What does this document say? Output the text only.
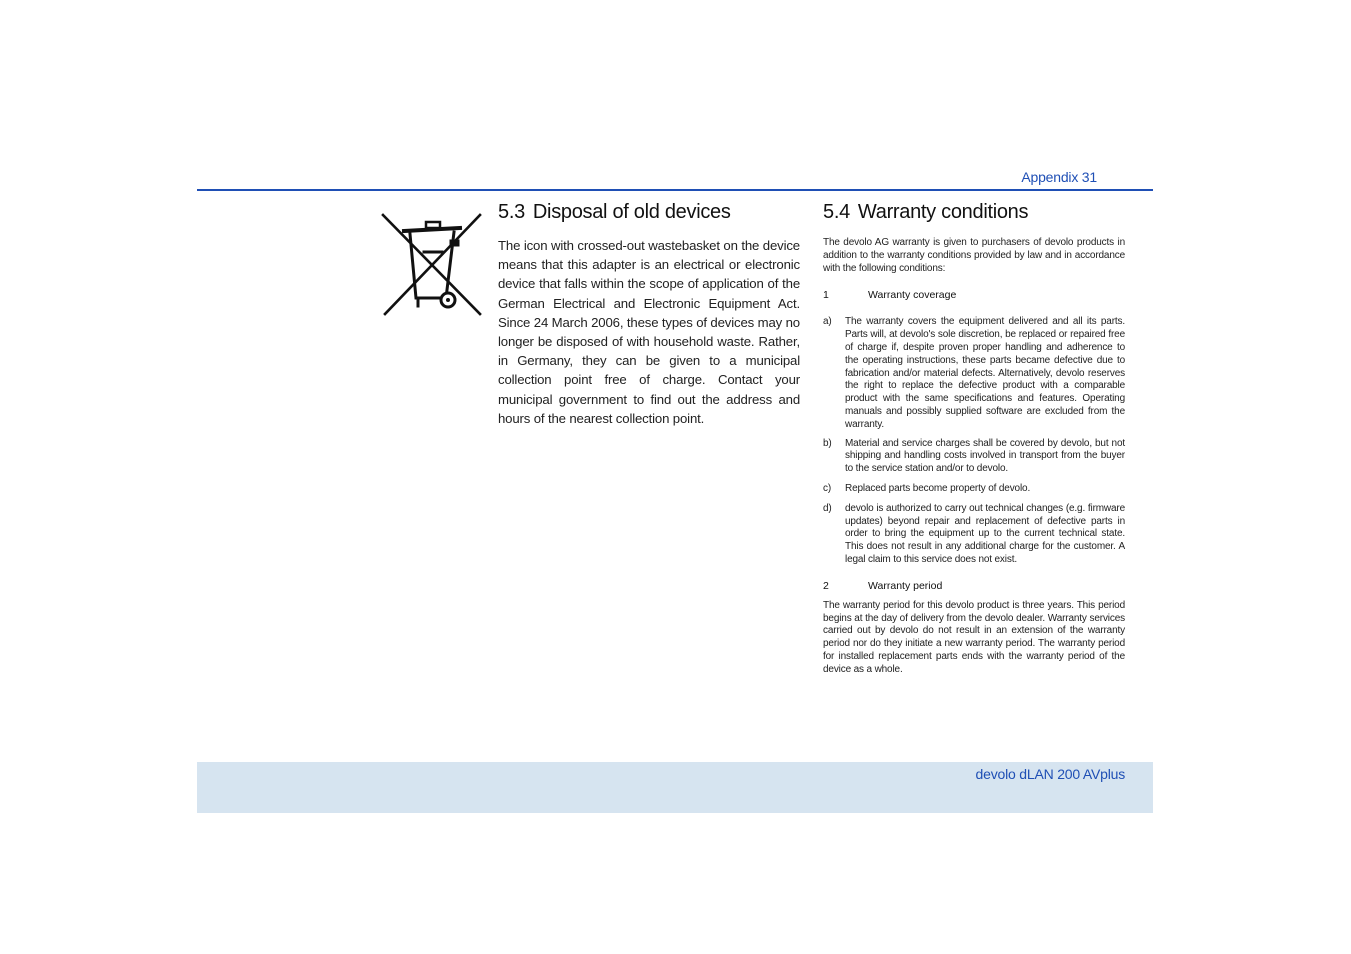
Appendix 31
5.3 Disposal of old devices

The icon with crossed-out wastebasket on the device means that this adapter is an electrical or electronic device that falls within the scope of application of the German Electrical and Electronic Equipment Act. Since 24 March 2006, these types of devices may no longer be disposed of with household waste. Rather, in Germany, they can be given to a municipal collection point free of charge. Contact your municipal government to find out the address and hours of the nearest collection point.

5.4 Warranty conditions
The devolo AG warranty is given to purchasers of devolo products in addition to the warranty conditions provided by law and in accordance with the following conditions:
1	Warranty coverage
a)	The warranty covers the equipment delivered and all its parts. Parts will, at devolo's sole discretion, be replaced or repaired free of charge if, despite proven proper handling and adherence to the operating instructions, these parts became defective due to fabrication and/or material defects. Alternatively, devolo reserves the right to replace the defective product with a comparable product with the same specifications and features. Operating manuals and possibly supplied software are excluded from the warranty.
b)	Material and service charges shall be covered by devolo, but not shipping and handling costs involved in transport from the buyer to the service station and/or to devolo.
c)	Replaced parts become property of devolo.
d)	devolo is authorized to carry out technical changes (e.g. firmware updates) beyond repair and replacement of defective parts in order to bring the equipment up to the current technical state. This does not result in any additional charge for the customer. A legal claim to this service does not exist.
2	Warranty period
The warranty period for this devolo product is three years. This period begins at the day of delivery from the devolo dealer. Warranty services carried out by devolo do not result in an extension of the warranty period nor do they initiate a new warranty period. The warranty period for installed replacement parts ends with the warranty period of the device as a whole.
devolo dLAN 200 AVplus
